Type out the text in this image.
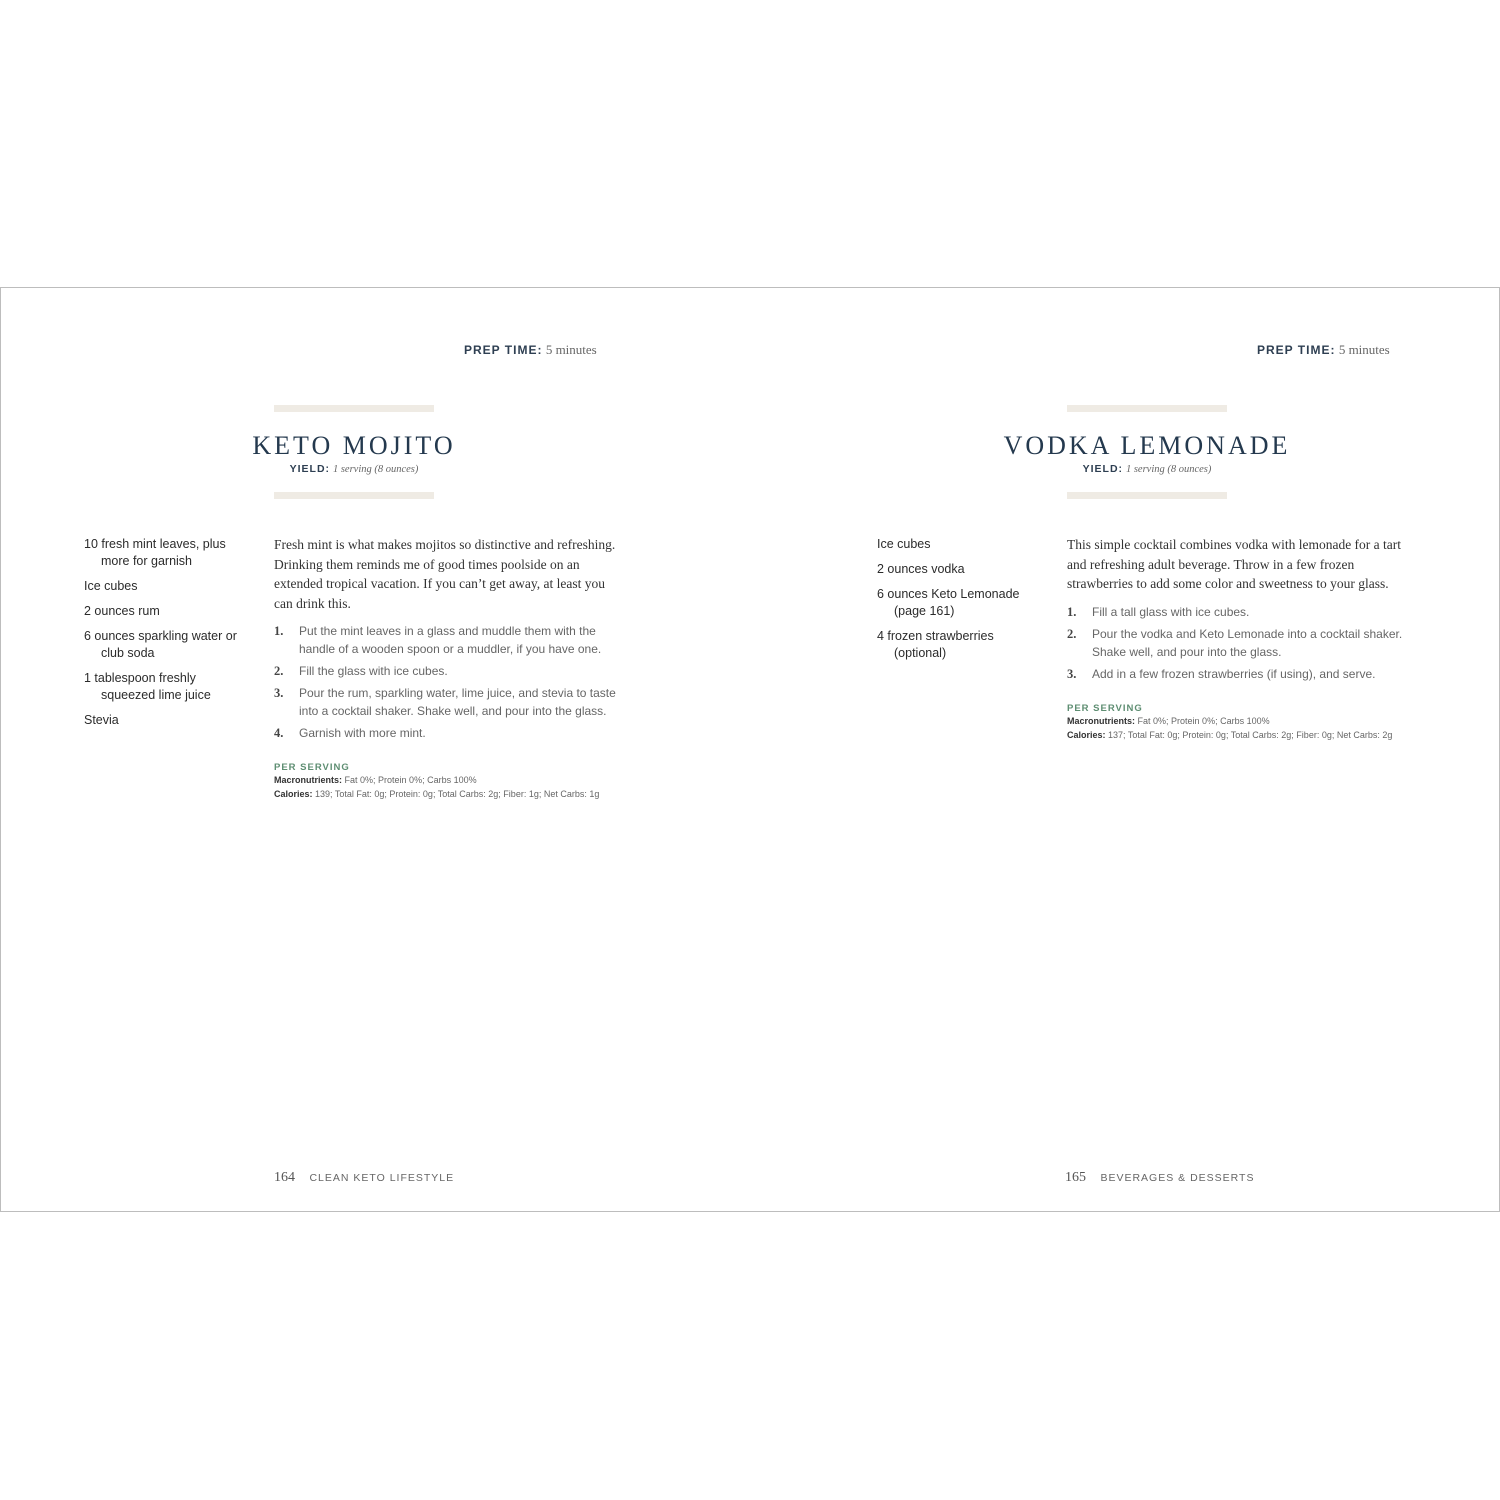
PREP TIME: 5 minutes
KETO MOJITO
YIELD: 1 serving (8 ounces)
10 fresh mint leaves, plus more for garnish
Ice cubes
2 ounces rum
6 ounces sparkling water or club soda
1 tablespoon freshly squeezed lime juice
Stevia

Fresh mint is what makes mojitos so distinctive and refreshing. Drinking them reminds me of good times poolside on an extended tropical vacation. If you can’t get away, at least you can drink this.

1. Put the mint leaves in a glass and muddle them with the handle of a wooden spoon or a muddler, if you have one.
2. Fill the glass with ice cubes.
3. Pour the rum, sparkling water, lime juice, and stevia to taste into a cocktail shaker. Shake well, and pour into the glass.
4. Garnish with more mint.
PER SERVING
Macronutrients: Fat 0%; Protein 0%; Carbs 100%
Calories: 139; Total Fat: 0g; Protein: 0g; Total Carbs: 2g; Fiber: 1g; Net Carbs: 1g
164 CLEAN KETO LIFESTYLE
PREP TIME: 5 minutes
VODKA LEMONADE
YIELD: 1 serving (8 ounces)
Ice cubes
2 ounces vodka
6 ounces Keto Lemonade (page 161)
4 frozen strawberries (optional)

This simple cocktail combines vodka with lemonade for a tart and refreshing adult beverage. Throw in a few frozen strawberries to add some color and sweetness to your glass.

1. Fill a tall glass with ice cubes.
2. Pour the vodka and Keto Lemonade into a cocktail shaker. Shake well, and pour into the glass.
3. Add in a few frozen strawberries (if using), and serve.
PER SERVING
Macronutrients: Fat 0%; Protein 0%; Carbs 100%
Calories: 137; Total Fat: 0g; Protein: 0g; Total Carbs: 2g; Fiber: 0g; Net Carbs: 2g
165 BEVERAGES & DESSERTS
